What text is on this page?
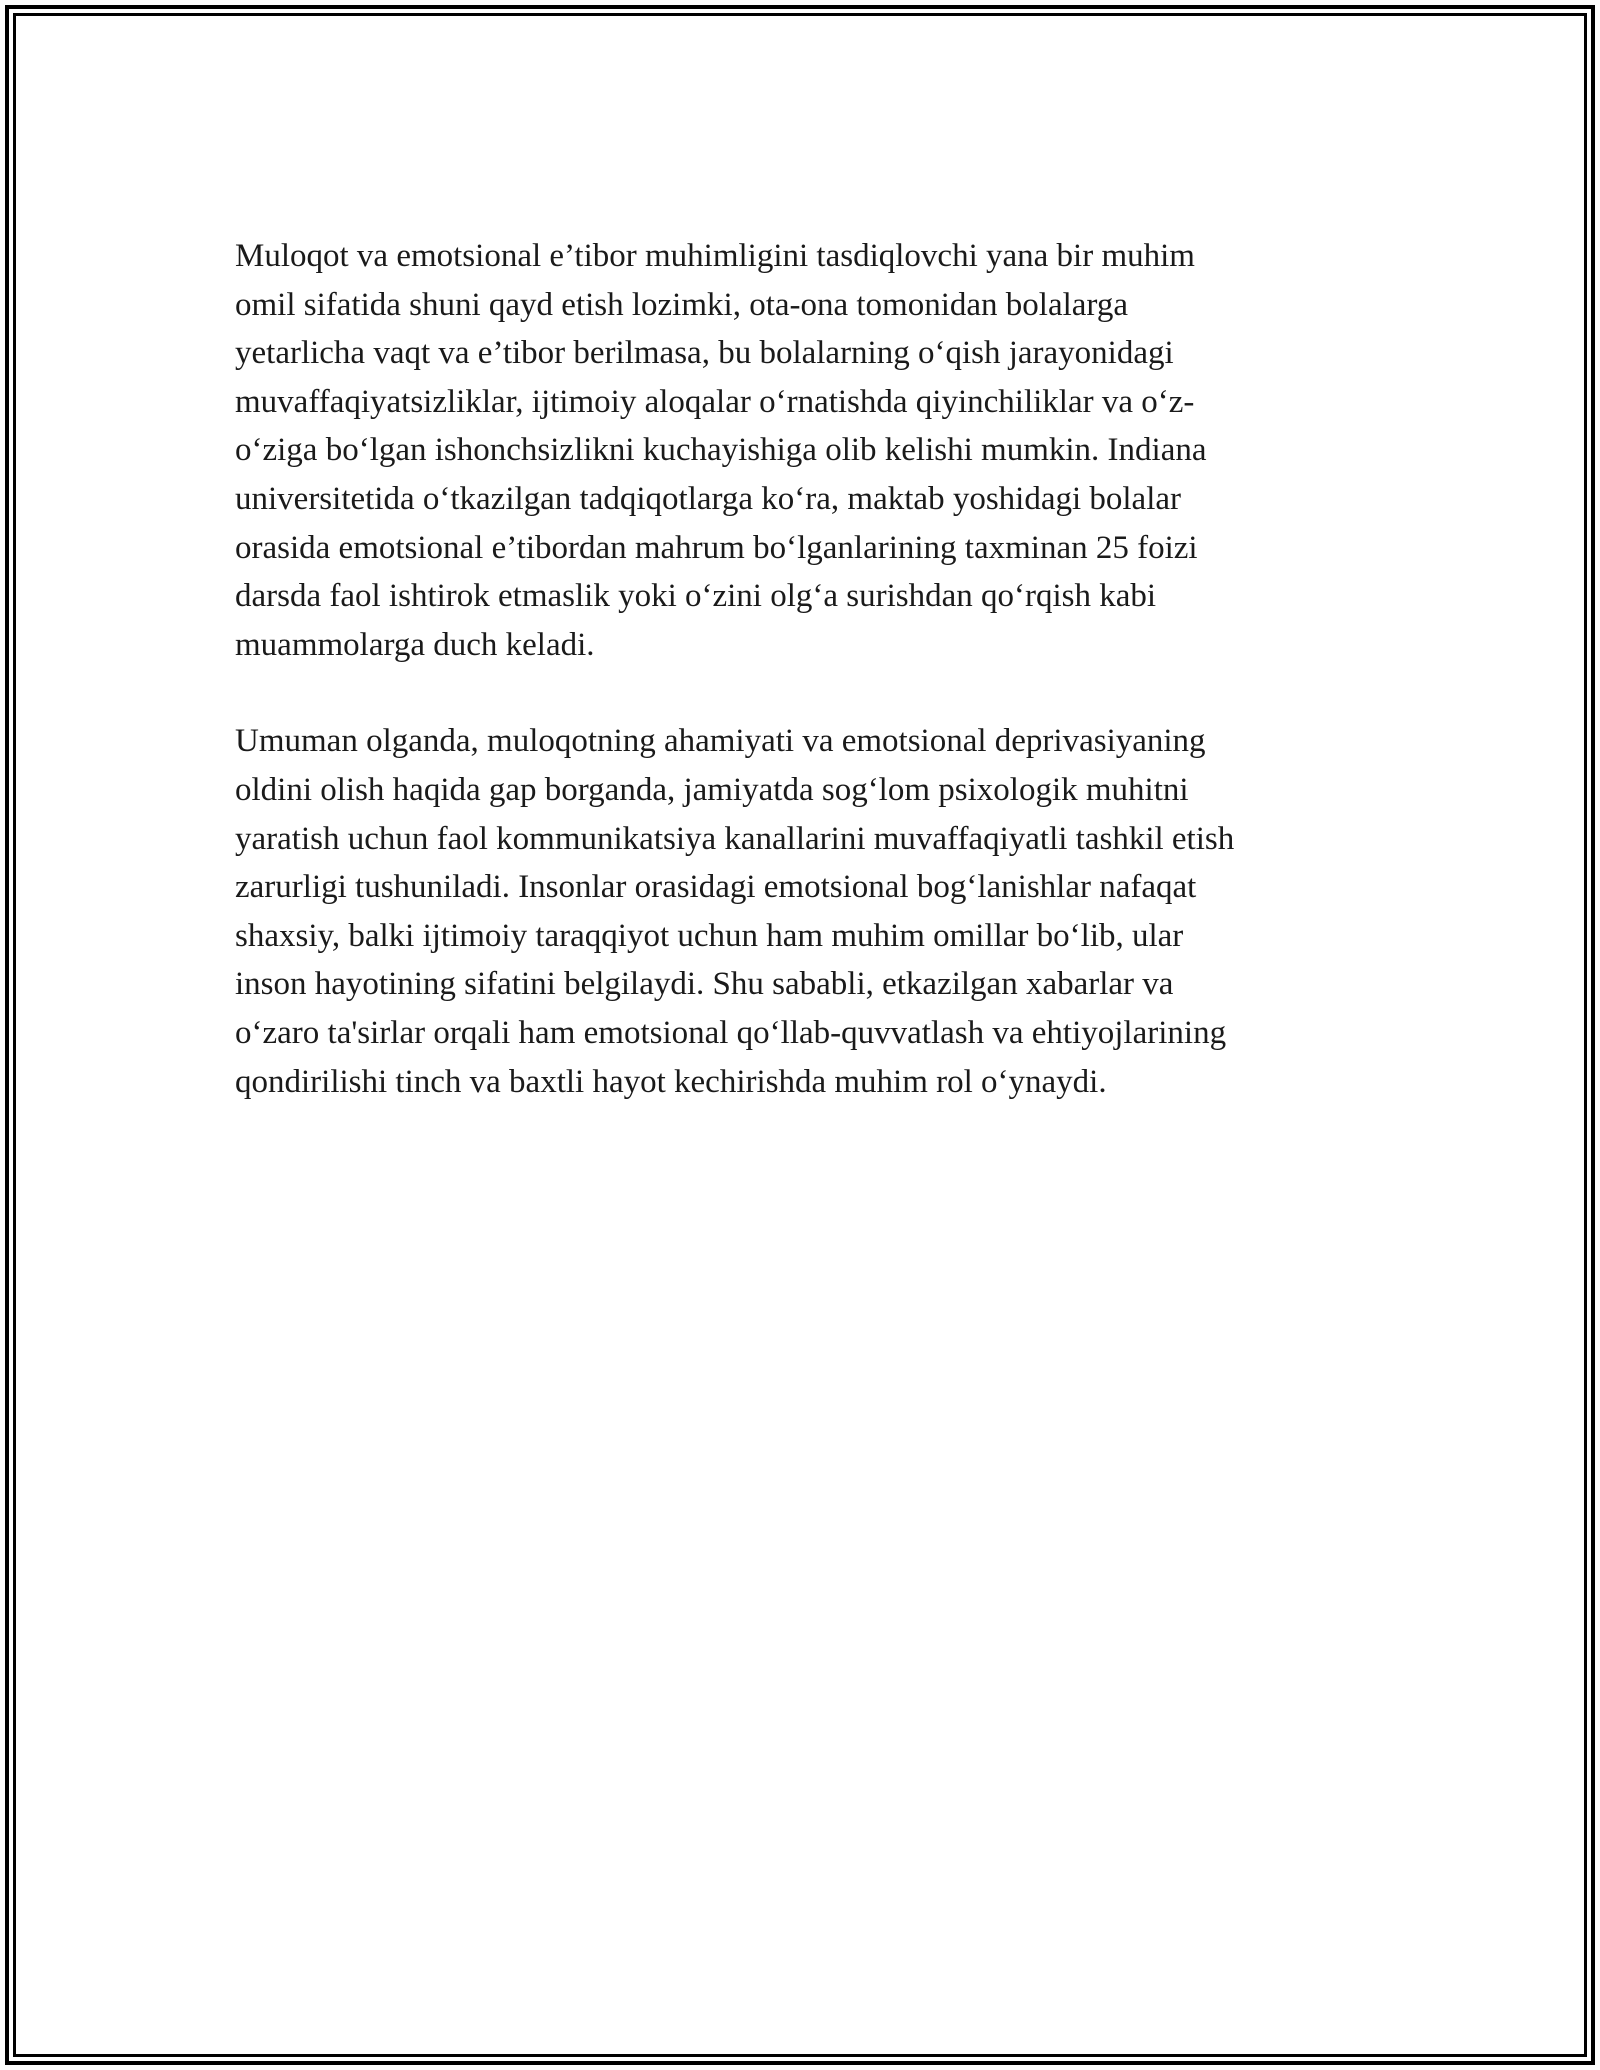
Muloqot va emotsional e’tibor muhimligini tasdiqlovchi yana bir muhim
omil sifatida shuni qayd etish lozimki, ota-ona tomonidan bolalarga
yetarlicha vaqt va e’tibor berilmasa, bu bolalarning o‘qish jarayonidagi
muvaffaqiyatsizliklar, ijtimoiy aloqalar o‘rnatishda qiyinchiliklar va o‘z-
o‘ziga bo‘lgan ishonchsizlikni kuchayishiga olib kelishi mumkin. Indiana
universitetida o‘tkazilgan tadqiqotlarga ko‘ra, maktab yoshidagi bolalar
orasida emotsional e’tibordan mahrum bo‘lganlarining taxminan 25 foizi
darsda faol ishtirok etmaslik yoki o‘zini olg‘a surishdan qo‘rqish kabi
muammolarga duch keladi.

Umuman olganda, muloqotning ahamiyati va emotsional deprivasiyaning
oldini olish haqida gap borganda, jamiyatda sog‘lom psixologik muhitni
yaratish uchun faol kommunikatsiya kanallarini muvaffaqiyatli tashkil etish
zarurligi tushuniladi. Insonlar orasidagi emotsional bog‘lanishlar nafaqat
shaxsiy, balki ijtimoiy taraqqiyot uchun ham muhim omillar bo‘lib, ular
inson hayotining sifatini belgilaydi. Shu sababli, etkazilgan xabarlar va
o‘zaro ta'sirlar orqali ham emotsional qo‘llab-quvvatlash va ehtiyojlarining
qondirilishi tinch va baxtli hayot kechirishda muhim rol o‘ynaydi.
